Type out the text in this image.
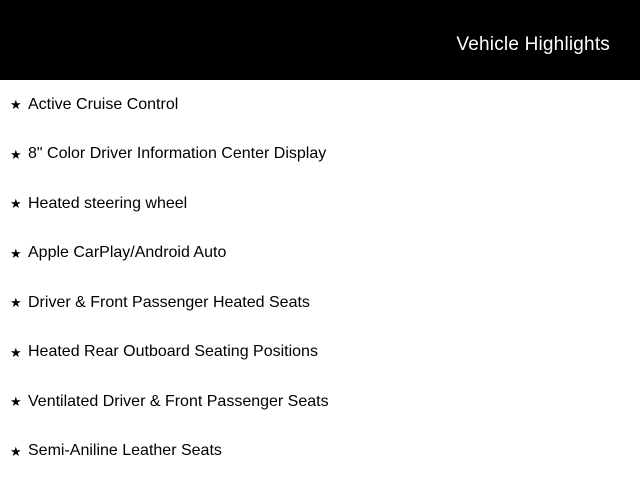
Vehicle Highlights
★ Active Cruise Control
★ 8" Color Driver Information Center Display
★ Heated steering wheel
★ Apple CarPlay/Android Auto
★ Driver & Front Passenger Heated Seats
★ Heated Rear Outboard Seating Positions
★ Ventilated Driver & Front Passenger Seats
★ Semi-Aniline Leather Seats
